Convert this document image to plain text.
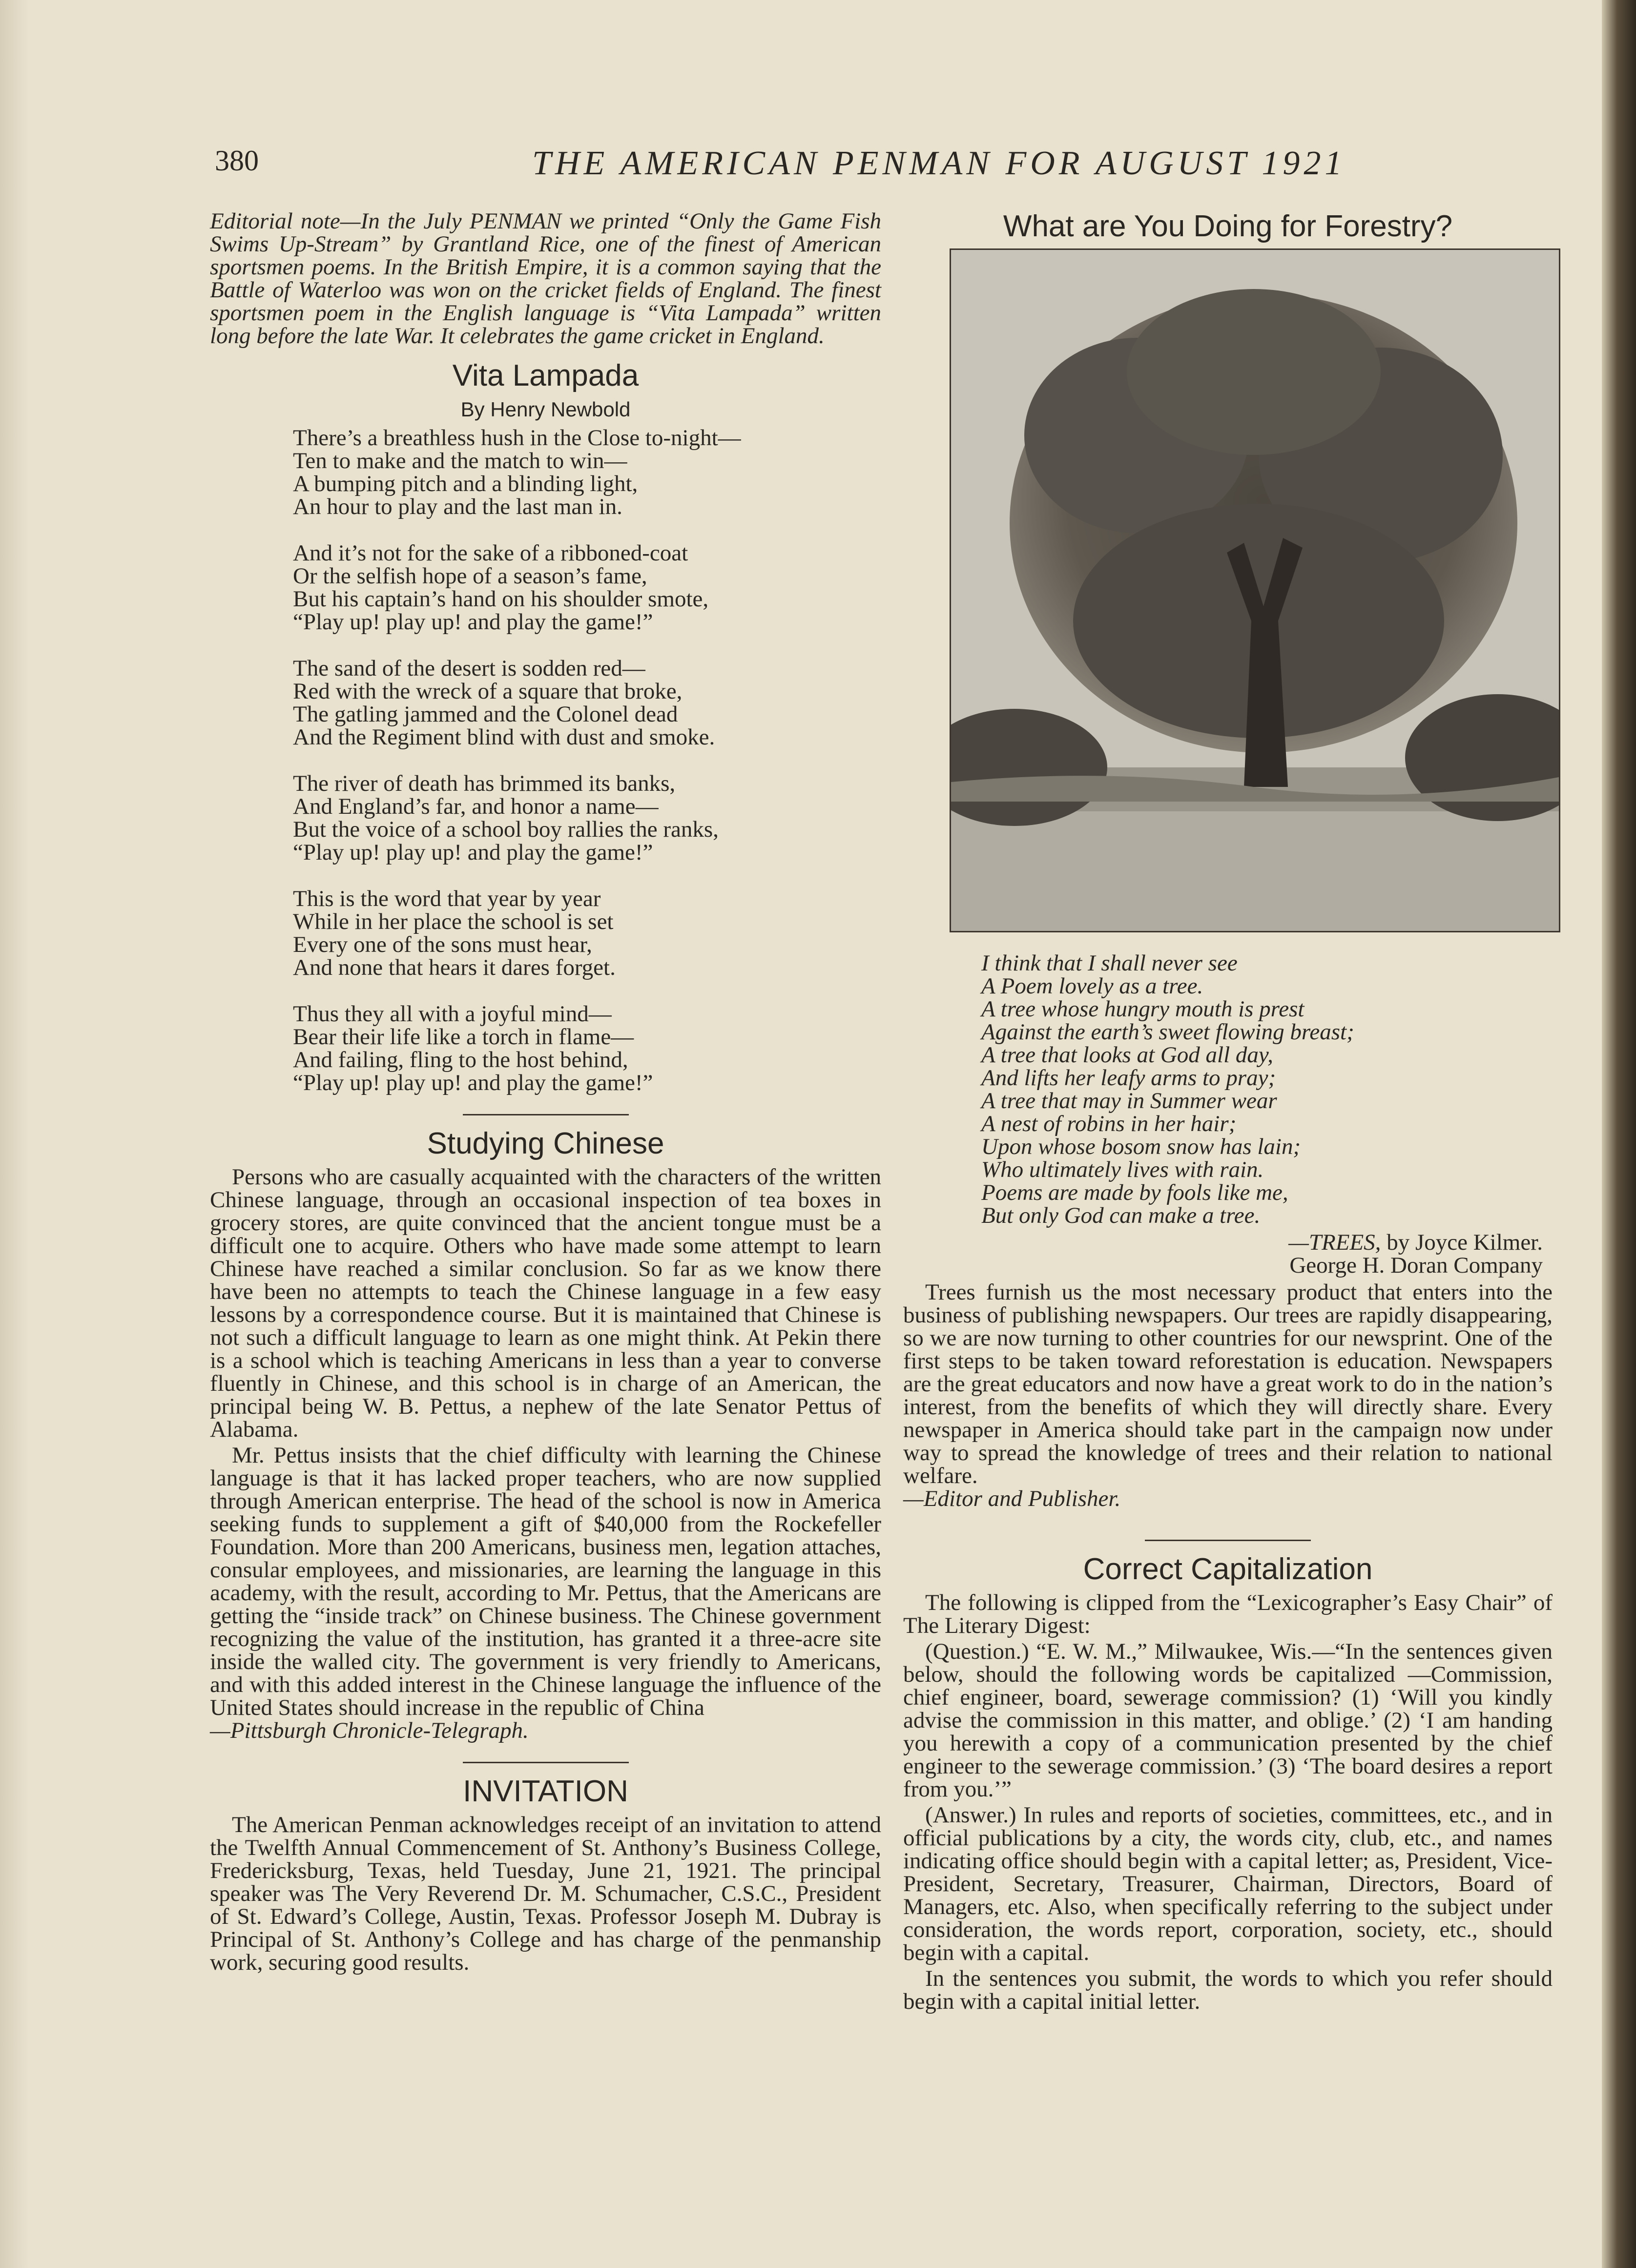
380	THE AMERICAN PENMAN FOR AUGUST 1921

Editorial note—In the July PENMAN we printed “Only the Game Fish Swims Up-Stream” by Grantland Rice, one of the finest of American sportsmen poems. In the British Empire, it is a common saying that the Battle of Waterloo was won on the cricket fields of England. The finest sportsmen poem in the English language is “Vita Lampada” written long before the late War. It celebrates the game cricket in England.

Vita Lampada
By Henry Newbold
There’s a breathless hush in the Close to-night—
Ten to make and the match to win—
A bumping pitch and a blinding light,
An hour to play and the last man in.
And it’s not for the sake of a ribboned-coat
Or the selfish hope of a season’s fame,
But his captain’s hand on his shoulder smote,
“Play up! play up! and play the game!”
The sand of the desert is sodden red—
Red with the wreck of a square that broke,
The gatling jammed and the Colonel dead
And the Regiment blind with dust and smoke.
The river of death has brimmed its banks,
And England’s far, and honor a name—
But the voice of a school boy rallies the ranks,
“Play up! play up! and play the game!”
This is the word that year by year
While in her place the school is set
Every one of the sons must hear,
And none that hears it dares forget.
Thus they all with a joyful mind—
Bear their life like a torch in flame—
And failing, fling to the host behind,
“Play up! play up! and play the game!”
Studying Chinese

Persons who are casually acquainted with the characters of the written Chinese language, through an occasional inspection of tea boxes in grocery stores, are quite convinced that the ancient tongue must be a difficult one to acquire. Others who have made some attempt to learn Chinese have reached a similar conclusion. So far as we know there have been no attempts to teach the Chinese language in a few easy lessons by a correspondence course. But it is maintained that Chinese is not such a difficult language to learn as one might think. At Pekin there is a school which is teaching Americans in less than a year to converse fluently in Chinese, and this school is in charge of an American, the principal being W. B. Pettus, a nephew of the late Senator Pettus of Alabama.

Mr. Pettus insists that the chief difficulty with learning the Chinese language is that it has lacked proper teachers, who are now supplied through American enterprise. The head of the school is now in America seeking funds to supplement a gift of $40,000 from the Rockefeller Foundation. More than 200 Americans, business men, legation attaches, consular employees, and missionaries, are learning the language in this academy, with the result, according to Mr. Pettus, that the Americans are getting the “inside track” on Chinese business. The Chinese government recognizing the value of the institution, has granted it a three-acre site inside the walled city. The government is very friendly to Americans, and with this added interest in the Chinese language the influence of the United States should increase in the republic of China

—Pittsburgh Chronicle-Telegraph.
INVITATION

The American Penman acknowledges receipt of an invitation to attend the Twelfth Annual Commencement of St. Anthony’s Business College, Fredericksburg, Texas, held Tuesday, June 21, 1921. The principal speaker was The Very Reverend Dr. M. Schumacher, C.S.C., President of St. Edward’s College, Austin, Texas. Professor Joseph M. Dubray is Principal of St. Anthony’s College and has charge of the penmanship work, securing good results.

What are You Doing for Forestry?
I think that I shall never see
A Poem lovely as a tree.
A tree whose hungry mouth is prest
Against the earth’s sweet flowing breast;
A tree that looks at God all day,
And lifts her leafy arms to pray;
A tree that may in Summer wear
A nest of robins in her hair;
Upon whose bosom snow has lain;
Who ultimately lives with rain.
Poems are made by fools like me,
But only God can make a tree.
—TREES, by Joyce Kilmer.
George H. Doran Company

Trees furnish us the most necessary product that enters into the business of publishing newspapers. Our trees are rapidly disappearing, so we are now turning to other countries for our newsprint. One of the first steps to be taken toward reforestation is education. Newspapers are the great educators and now have a great work to do in the nation’s interest, from the benefits of which they will directly share. Every newspaper in America should take part in the campaign now under way to spread the knowledge of trees and their relation to national welfare.

—Editor and Publisher.
Correct Capitalization

The following is clipped from the “Lexicographer’s Easy Chair” of The Literary Digest:

(Question.) “E. W. M.,” Milwaukee, Wis.—“In the sentences given below, should the following words be capitalized —Commission, chief engineer, board, sewerage commission? (1) ‘Will you kindly advise the commission in this matter, and oblige.’ (2) ‘I am handing you herewith a copy of a communication presented by the chief engineer to the sewerage commission.’ (3) ‘The board desires a report from you.’”

(Answer.) In rules and reports of societies, committees, etc., and in official publications by a city, the words city, club, etc., and names indicating office should begin with a capital letter; as, President, Vice-President, Secretary, Treasurer, Chairman, Directors, Board of Managers, etc. Also, when specifically referring to the subject under consideration, the words report, corporation, society, etc., should begin with a capital.

In the sentences you submit, the words to which you refer should begin with a capital initial letter.
